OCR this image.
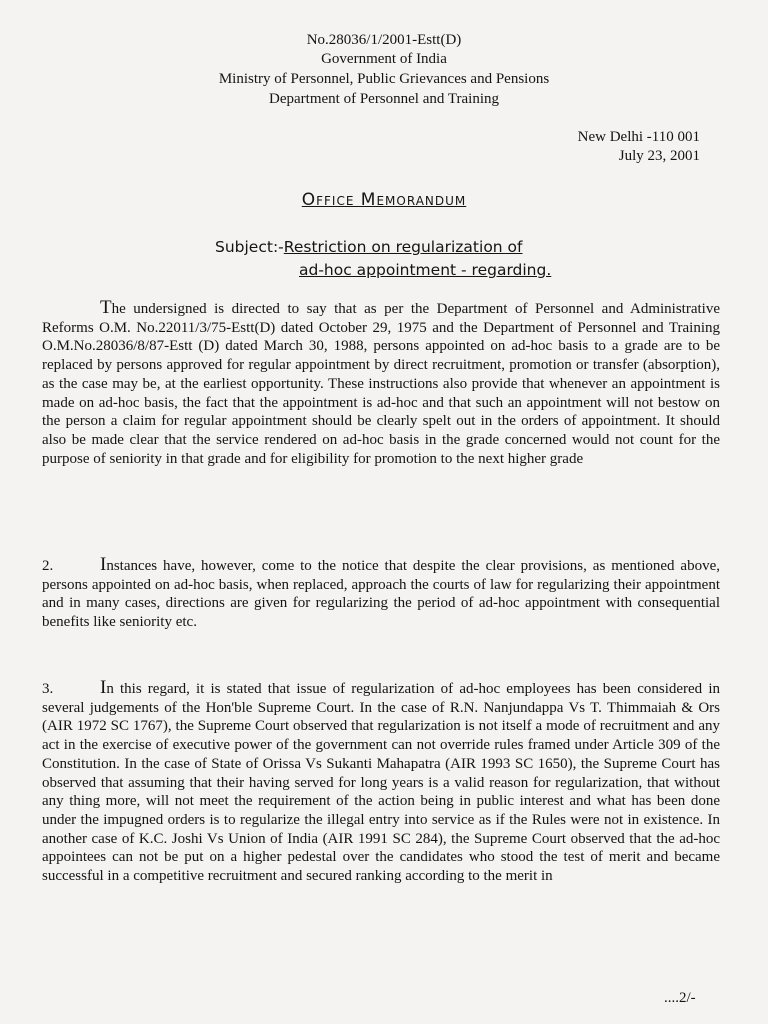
No.28036/1/2001-Estt(D)
Government of India
Ministry of Personnel, Public Grievances and Pensions
Department of Personnel and Training
New Delhi -110 001
July 23, 2001
Office Memorandum
Subject:-Restriction on regularization of
ad-hoc appointment - regarding.
The undersigned is directed to say that as per the Department of Personnel and Administrative Reforms O.M. No.22011/3/75-Estt(D) dated October 29, 1975 and the Department of Personnel and Training O.M.No.28036/8/87-Estt (D) dated March 30, 1988, persons appointed on ad-hoc basis to a grade are to be replaced by persons approved for regular appointment by direct recruitment, promotion or transfer (absorption), as the case may be, at the earliest opportunity. These instructions also provide that whenever an appointment is made on ad-hoc basis, the fact that the appointment is ad-hoc and that such an appointment will not bestow on the person a claim for regular appointment should be clearly spelt out in the orders of appointment. It should also be made clear that the service rendered on ad-hoc basis in the grade concerned would not count for the purpose of seniority in that grade and for eligibility for promotion to the next higher grade
2. Instances have, however, come to the notice that despite the clear provisions, as mentioned above, persons appointed on ad-hoc basis, when replaced, approach the courts of law for regularizing their appointment and in many cases, directions are given for regularizing the period of ad-hoc appointment with consequential benefits like seniority etc.
3. In this regard, it is stated that issue of regularization of ad-hoc employees has been considered in several judgements of the Hon'ble Supreme Court. In the case of R.N. Nanjundappa Vs T. Thimmaiah & Ors (AIR 1972 SC 1767), the Supreme Court observed that regularization is not itself a mode of recruitment and any act in the exercise of executive power of the government can not override rules framed under Article 309 of the Constitution. In the case of State of Orissa Vs Sukanti Mahapatra (AIR 1993 SC 1650), the Supreme Court has observed that assuming that their having served for long years is a valid reason for regularization, that without any thing more, will not meet the requirement of the action being in public interest and what has been done under the impugned orders is to regularize the illegal entry into service as if the Rules were not in existence. In another case of K.C. Joshi Vs Union of India (AIR 1991 SC 284), the Supreme Court observed that the ad-hoc appointees can not be put on a higher pedestal over the candidates who stood the test of merit and became successful in a competitive recruitment and secured ranking according to the merit in
....2/-
